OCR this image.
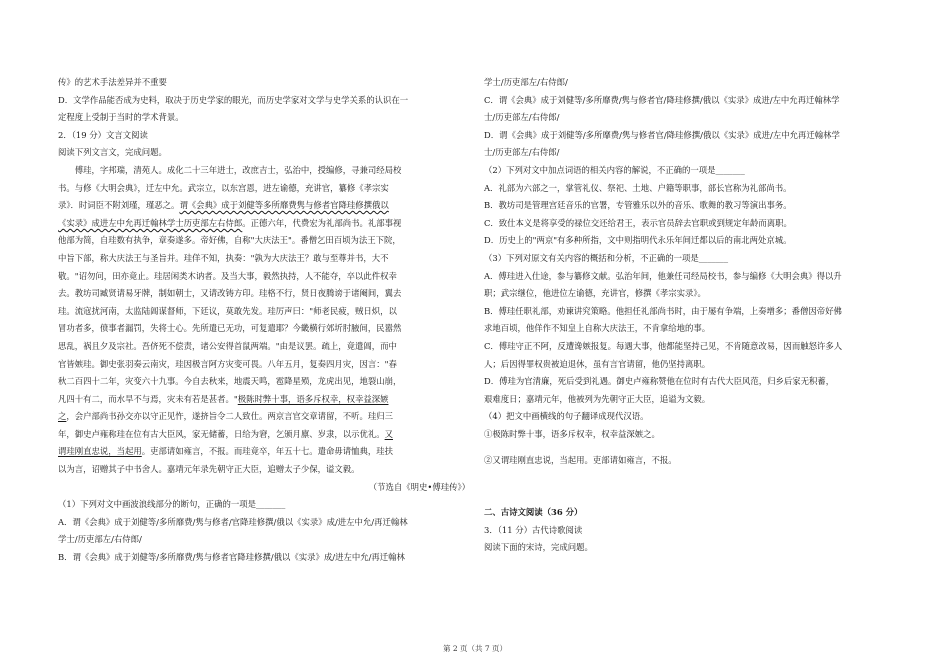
传》的艺术手法差异并不重要

D．文学作品能否成为史料，取决于历史学家的眼光，而历史学家对文学与史学关系的认识在一

定程度上受制于当时的学术背景。

2．（19 分）文言文阅读

阅读下列文言文，完成问题。

　　傅珪，字邦瑞，清苑人。成化二十三年进士，改庶吉士，弘治中，授编修，寻兼司经局校

书。与修《大明会典》，迁左中允。武宗立，以东宫恩，进左谕德，充讲官，纂修《孝宗实

录》．时词臣不附刘瑾，瑾恶之。谓《会典》成于刘健等多所靡费隽与修者官降珪修撰俄以

《实录》成进左中允再迁翰林学士历吏部左右侍郎。正德六年，代费宏为礼部尚书。礼部事视

他部为简，自珪数有执争，章奏遂多。帝好佛，自称"大庆法王"。番僧乞田百顷为法王下院，

中旨下部，称大庆法王与圣旨并。珪佯不知，执奏："孰为大庆法王？敢与至尊并书，大不

敬。"诏勿问，田亦竟止。珪居闲类木讷者。及当大事，毅然执持，人不能夺，卒以此件权幸

去。教坊司臧贤请易牙牌，制如朝士，又请改铸方印。珪格不行，贤日夜腾谤于诸阉间，翼去

珪。流寇扰河南，太监陆阊谋督师，下廷议，莫敢先发。珪厉声曰："师老民疲，贼日炽，以

冒功者多，偾事者漏罚，失将士心。先所遣已无功，可复遣耶？今畿横行郊圻肘腋间，民嚣然

思乱，祸且夕及宗社。吾侪死不偿责，诸公安得首鼠两端。"由是议罢。疏上，竟遣阊，而中

官皆嫉珪。御史张羽奏云南灾，珪因极言阿方灾变可畏。八年五月，复奏四月灾，因言："春

秋二百四十二年，灾变六十九事。今自去秋来，地震天鸣，雹降星殒，龙虎出见，地裂山崩，

凡四十有二，而水旱不与焉，灾未有若是甚者。"极陈时弊十事，语多斥权幸，权幸益深嫉

之，会户部尚书孙交亦以守正见忤，遂挤旨令二人致仕。两京言官交章请留，不听。珪归三

年，御史卢雍称珪在位有古大臣风，家无储蓄，日给为窘，乞颁月廪、岁隶，以示优礼。又

谓珪刚直忠说，当起用。吏部请如雍言，不报。而珪竟卒，年五十七。遣命毋请恤典，珪扶

以为言，诏赠其子中书舍人。嘉靖元年录先朝守正大臣，追赠太子少保，谥文毅。

（节选自《明史•傅珪传》）

（1）下列对文中画波浪线部分的断句，正确的一项是_______

A．谓《会典》成于刘健等/多所靡费/隽与修者/官降珪修撰/俄以《实录》成/进左中允/再迁翰林

学士/历吏部左/右侍郎/

B．谓《会典》成于刘健等/多所靡费/隽与修者官降珪修撰/俄以《实录》成/进左中允/再迁翰林

学士/历吏部左/右侍郎/

C．谓《会典》成于刘健等/多所靡费/隽与修者官/降珪修撰/俄以《实录》成进/左中允再迁翰林学

士/历吏部左/右侍郎/

D．谓《会典》成于刘健等/多所靡费/隽与修者官/降珪修撰/俄以《实录》成进/左中允再迁翰林学

士/历吏部左/右侍郎/

（2）下列对文中加点词语的相关内容的解说，不正确的一项是_______

A．礼部为六部之一，掌管礼仪、祭祀、土地、户籍等职事，部长官称为礼部尚书。

B．教坊司是管理宫廷音乐的官署，专管雅乐以外的音乐、歌舞的教习等演出事务。

C．致仕本义是将享受的禄位交还给君王，表示官员辞去官职或到规定年龄而离职。

D．历史上的"两京"有多种所指，文中则指明代永乐年间迁都以后的南北两处京城。

（3）下列对原文有关内容的概括和分析，不正确的一项是_______

A．傅珪进入仕途，参与纂修文献。弘治年间，他兼任司经局校书，参与编修《大明会典》得以升

职；武宗继位，他进位左谕德，充讲官，修撰《孝宗实录》。

B．傅珪任职礼部，劝谏讲究策略。他担任礼部尚书时，由于屡有争端，上奏增多；番僧因帝好佛

求地百顷，他佯作不知皇上自称大庆法王，不肯拿给地的事。

C．傅珪守正不阿，反遭谗嫉报复。每遇大事，他都能坚持己见，不肯随意改易，因而触怒许多人

人；后因得罪权贵被迫退休，虽有言官请留，他仍坚持离职。

D．傅珪为官清廉，死后受到礼遇。御史卢雍称赞他在位时有古代大臣风范，归乡后家无积蓄，

艰难度日；嘉靖元年，他被列为先朝守正大臣，追谥为文毅。

（4）把文中画横线的句子翻译成现代汉语。

①极陈时弊十事，语多斥权幸，权幸益深嫉之。

②又谓珪刚直忠说，当起用。吏部请如雍言，不报。

二、古诗文阅读（36 分）

3．（11 分）古代诗歌阅读

阅读下面的宋诗，完成问题。

第 2 页（共 7 页）
